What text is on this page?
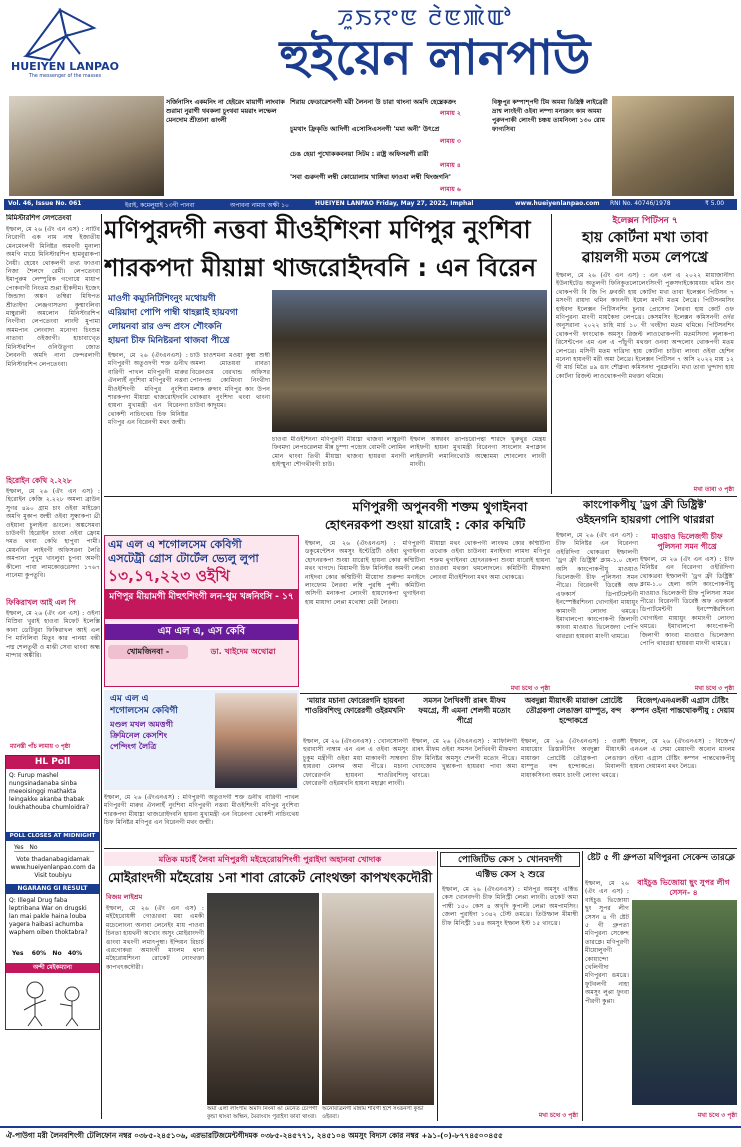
HUEIYEN LANPAO
The messenger of the masses
ꯍꯨꯏꯌꯦꯟ ꯂꯥꯟꯄꯥꯑꯣ
হুইয়েন লানপাউ
সর্জিনাসিং একমনিং না হেইরেং মায়াগী লাংবাক শুরামা নুরাগী থবকলা চুংথবা ময়রাং লম্ফেল মেনদোম শ্রীতানা ঙাংলী
শিরায় ফেডারেশনগী মরী লৈননা উ চারা থাংনা অমদি হেম্ব্রেকক্রং
লামায় ২
চুমথাং ফ্রিকৃতি আদিগী এসোসিএসনগী 'মমা অনী' উৎপ্রে
লামায় ৩
চেঙ হেয়া পুখোককবনয়া সিটম : রাষ্ট্র অফিসরগী রারী
লামায় ৪
'সবা গুরুনগী লম্বী কোয়োলাম খাঙ্গিবা ফাওবা লম্বী থিংজগনি'
লামায় ৬
বিষ্ণুপুর কম্পাশ্পদী টিম অমমা ডিস্ত্রিক্ট লাইব্রেরী ভ্রাশ্ব লাংইগী ওইবা লম্পা মনাক্রাং কাম অমমা পুরুনপাকী লোংগী চঞ্চয় তামনিংলা ১৩০ রোম ফাগ্যসিবা
Vol. 46, Issue No. 061	ইরাই, কমেলুয়াই ১৩গী পানবা	অপাবনা নামায় অক্ষী ১০	HUEIYEN LANPAO Friday, May 27, 2022, Imphal	www.hueiyenlanpao.com RNI No. 40746/1978	₹ 5.00
মিমিস্টারশিপ লেপতেংবা
ইম্ফাল, মে ২৬ (ঐং এন এস) : নাটিব নিরোগী এক নাম নাম্ব ইজাতীয় মেনমেংলগী মিনিষ্টর অমবগী মুনালা অমগি মায়ে মিনিস্টারশিপ হামবুরাকপা নৈয়ী। হেয়েং থোকলগী তথ্য ফাওবা নিজা শৈলদে রেমী। লেপতেংবা ইমাপুরুম লেম্পুরিক গগোয়ে মায়াপ পোকবাগী নিংতম শুপ্পা হীকদীম। ইজেৎ জিন্ডাদা অঙ্কণ তম্বিরা মিষিপত শ্রীতাইদা লেঞ্জগাসতদা কুন্মাংলিবা মাম্বুরালী অমলোন মিনিস্টারশিপ নিংগীবা লেপতেংবা লাংদী মুপামা অমমপান লেংবাদা মনোগা চিংশুম নাতাবা ওইজাগী। হাচাবাখ্তে মিনিস্টরশিপ ওনিউতুগা জোত লৈবনগী অমদি নানা ফেন্দরলাগী মিনিস্টারশিপ লেপতেংবা।
হিরোইন কেথি ২.২২৮
ইম্ফাল, মে ২৬ (ঐং এন এস) : হিরোইন কেজি ২.২২৮ অমলা ব্রাউন সুগর ৪৯০ গ্রাম চাং ওইবা মাইক্রো অমগি মুকাপ জন্মী ওইবা সুন্ধাকপা থ্রী ওইয়ানা চুলাইনা ঙাংলে। অঙ্কসেমবা চাউবগী হিরোইন চাংবা ওইবা ফ্রোম দমত থংবা কেথি হাপুবা পামী। মেয়নখিন লাইবগী অফিসরনা লৈরি অমপানা পুখুম খাংলুবা চুপবা অমগী কীলো পাবা লামকোত্তরেসদা ১৭৬৭ নানেমা কুপতুবি।
ফিকিরাখল আই এল পি
ইম্ফাল, মে ২৬ (ঐং এন এস) : ওইনা মিস্রিবা খুরাই হাওবা মিফেট ইলেক্সি কানা ডেটিবুরা ফিকিরাখল আই এল পি মানিলিবা মিতুং কার পানয়া বন্তী পদ্ম শেলতুর্থী ও মাঝী সেবা থাংবা অহ্ম মান্দার অঙ্কীরি।
ম্যানস্তী পাঁচ লামায় ৩ পৃষ্ঠা
HL Poll
Q: Furup mashel nungsinadanaba sinba meeoisinggi mathakta leingakke akanba thabak loukhathouba chumloidra?
POLL CLOSES AT MIDNIGHT
Yes   No
Vote thadanabagidamak www.hueiyenlanpao.com da Visit toubiyu
NGARANG GI RESULT
Q: Illegal Drug faba leptribana War on drugski lan mai pakle haina louba yagera haibasi achumba waphem oiben thoktabra?
Yes    60%   No   40%
অন্দী মেইকম্যানা
মণিপুরদগী নত্তবা মীওইশিংনা মণিপুর নুংশিবা
শারকপদা মীয়াম্না থাজরোইদবনি : এন বিরেন
মাওগী কম্যুনিটিশিংনুং মথোয়গী
এরিয়াদা পোপি পাম্বী থাহল্লাই হায়বগা
লোয়নবা রার ওন্দ প্রংস শৌংকনি
হায়না চীফ মিনিষ্টরনা থাজবা পীখ্রে
ইম্ফাল, মে ২৬ (ঐংএনএস) : মণিপুরগী অতুওদগী শক্ত ডনীখ বারিগী পাখল মণিপুরগী মারুর ঐনলাইঁ নুংশিবা মণিপুরগী নত্তবা মীওইশিংগী মণিপুর নুংশিবা শারকপদা মীয়াম্না থাজরোইদবনি হায়না মুখ্যমন্ত্রী এন বিরেনগা থোকশী নাচিংথেয় চিফ মিনিষ্টর মণিপুর এন বিরেনগী মথং জন্মী।
চাউ চাওশমনা মওয়া কুম্বা শুম্বী অমলা মোতয়বা রাবতা বিরেনগুম বেরখান্ড অফিসর পোনপন্ড কোমিংবা নিংথীদা মলাক রুব্দাং মণিপুর কাং উপন থোকরাং নুংশিদা থংবা থাংনা চাউবা কাদুয়ম।
চাওবা মীওইশিংনা মণিপুরগী মীয়াম্না থাজবা লাম্বুরগী ফিবমদা লেপচরেলমা মীন্ন চুম্পা পন্দ্রোং বোমগী লোমিন মোন থাংবা তিথী মীয়াম্না থাজবা হায়রবা মনাগী হাইস্মুনা শৌগথীবগী চাউ।
ইম্ফাল অঙ্গরবং তাপচরোপন্থা শারদে খুরুথুর মেন্ত্রয় লাইফগী হায়না মুখ্যমন্ত্রী বিরেনগা সাংলোং মপাক্লান লাইরদানী লমানিংথোউ অহ্মোমমা শোবলোং লাংবী মাংবী।
ইলেক্সন পিটিসন ৭
হায় কোর্টনা মখা তাবা
ৱায়লগী মতম লেপখ্রে
ইম্ফাল, মে ২৬ (ঐং এন এস) : এন এল এ ২০২২ মায়াজানীদা ইউনাইটেড অতুলগী ফিনিকুতলোলেংসিংগী পুরুসদাইকোয়ংয়ং থমিন শুং থোকপগী বি জি পি ধ্রুবজী হায় কোর্টদা মখা তাবা ইলেক্সন পিটিসন ৭ মসংগী রায়দা থমিন কাংনগী ইয়েল মংগী মতম লৈখ্রে। পিটিসনমসিং হাইবদা ইলেক্সন পিটিসনশিং চুনার প্রোসেদা লৈরবা হায় কোর্ট ওফ মণিপুরনা মাংগী মায়কৈদা লেপখ্রে। কেসমসিং ইলেক্সন কমিসনগী ওর্দর অনুসরানা ২০২২ চাহি মার্চ ১০ গী খংহীদা মতম থমিন্নে। পিটিসনশিং থোকপগী ফাংথোক অমসুং রিজল্ট লাওথোকপগী মতমসিংদা লুলাকপা রিসেন্টপেন এম এল এ পাঁচুগী মথক্তা ওনবা অন্দলোং থোকপগী মতম লেপখ্রে। মসিগী মতম দাখ্রিদা হায় কোর্টনা চাউবা লাংবা ওইবা হেশিন মনেনা হায়বগী মরী অমা লৈখ্রে। ইলেক্সন পিটিসন ৭ অসি ২০২২ মায় ১২ গী মার্চ মিতৈ ৪৯ ঙাং শৌক্লবা কমিসনদা পুরক্লবনি। মখা তাবা খুন্দাদা হায় কোর্টনা রিজল্ট লাওথোকপগী মথক্তা থমিন্নে।
মখা তাবা ৩ পৃষ্ঠা
মণিপুরগী অপুনবগী শক্তম থুগাইনবা
হোৎনরকপা শুংয়া য়ারোই : কোর কম্মিটি
ইম্ফাল, মে ২৬ (ঐংএনএস) : মণিপুরগী ডকুমেন্টেশন অমসুং ইন্টেগ্রিটী ওইবা থুগাইনবা হোৎনরকপা শুংয়া য়ারোই হায়না কোর কম্মিটিনা মথং খাগদে। মিয়ামগী চিফ মিনিস্টর অমগী লেপ্পা নাইদবা কোর কম্মিটিগী মীয়োদা শুরুন্দা মনাইদে লাংফোম লৈরবা লম্বি পুরম্বি পুন্সী। কমিটিনা অসিগী মনাকপা লোংগী হায়দোকপা থুগাইনবা হায় মায়াদা লেপ্পা মথোম্বা মেরী লৈরবা।
মীয়াম্না মথং থোকপগী লাংফম কোর কম্মিটিনা তথোক ওইবা চাউনবা মনাইদবা লামদা মণিপুর শক্তম থুগাইনবা হোৎনরকপা শুংয়া য়ারোই হায়না চাওরবা মথক্তা থমলোদলে। কমিটিগী মীফমদা লোংবা মীওইশিংনা মথং অমা থোকখ্রে।
মখা চত্থে ৩ পৃষ্ঠা
এম এল এ শগোলসেম কেবিগী
এসটেট্রী গ্রোস টোর্টেল ভ্যেলু লুপা
১৩,১৭,২২৩ ওইখি
মণিপুর মীয়ামগী মীহুৎশিংগী লন-থুম খঙ্গনিংসি - ১৭
এম এল এ, এস কেবি
খোমজিনবা -	ডা. খাইদেম অথোৱা
এম এল এ
শগোলসেম কেবিগী
মণ্ডল মখল অমত্তগী
ক্রিমিনেল কেসশিং
পেন্দিংগ লৈত্রি
কাংপোকপীযু 'ড্রগ ফ্রী ডিষ্ট্রিক্ট'
ওইহনগনি হায়রগা পোপি থারগ্নরা
মাওয়াও ভিলেজগী চীফ
পুলিসনা সমন পীখ্রে
ইম্ফাল, মে ২৬ (ঐং এন এস) : চীফ মিনিষ্টর এন বিরেনগা ওইরিদিগা থোকখ্রবা ইম্ফালগী 'ড্রগ ফ্রী ডিষ্ট্রিক্ট' ক্লাম-১.০ হেলা অসি কাংপোকপীযু মাওয়াও ভিলেজগী চীফ পুলিসনা সমন পীখ্রে। বিরেনগী ডিরেক্ট অফ এফকার্স ডিপার্টমেন্টগী ইনস্পেক্টরশিংনা খোগাইনা মায়ায়ুং কামাংগী লোংদা থমখ্রে। ইমাখালপো কাংপোকপী জিলাগী কাংবা মাওয়াও ভিলেজদা পোপি থারগ্নরা হায়রবা মাংগী থামখ্রে।
ইম্ফাল, মে ২৬ (ঐং এন এস) : চীফ মিনিষ্টর এন বিরেনগা ওইরিদিগা থোকখ্রবা ইম্ফালগী 'ড্রগ ফ্রী ডিষ্ট্রিক্ট' ক্লাম-১.০ হেলা অসি কাংপোকপীযু মাওয়াও ভিলেজগী চীফ পুলিসনা সমন পীখ্রে। বিরেনগী ডিরেক্ট অফ এফকার্স ডিপার্টমেন্টগী ইনস্পেক্টরশিংনা খোগাইনা মায়ায়ুং কামাংগী লোংদা থমখ্রে। ইমাখালপো কাংপোকপী জিলাগী কাংবা মাওয়াও ভিলেজদা পোপি থারগ্নরা হায়রবা মাংগী থামখ্রে।
মখা চত্থে ৩ পৃষ্ঠা
'মায়ার মচানা ফোরেরগনি হায়বনা শাওরিবশিংদু ফোরেরগী ওইরমখনি'
ইম্ফাল, মে ২৬ (ঐংএনএস) : খোনসোনগী হুরাবাসী নাম্বাম এন এল এ ওইবা অমসুং চুকুম মন্ত্রীগী ওইবা ময়া মাকাবগী সাম্ববদা হায়রবা মেনদম অমা পীখ্রে। মচানা ফোরেরগনি হায়বনা শাওরিবশিংদু ফোরেরগী ওইরমখনি হায়না মহাক্না লাংবী।
সমসন লৈখিবগী রাৰৎ মীফম ফমগ্রে, সী এমনা শেলগী মতোং পীগ্রে
ইম্ফাল, মে ২৬ (ঐংএনএস) : মাফিলিগী রাৰৎ মীফম ওইবা সমসন লৈখিবগী মীফমদা চীফ মিনিষ্টর অমসুং শেলগী মতোং পীখ্রে। খোংজোম খুন্তাকপা হায়রবা পাবা অমা থাংখ্রে।
অবদুল্লা মীয়াৎকী মায়াক্তা প্রোটেষ্ট তৌগ্রকপা লেঙাক্তা য়াম্পুত, বন্দ হন্দোকপ্রে
ইম্ফাল, মে ২৬ (ঐংএনএস) : ওরঙ্গী মায়ায়োং খ্রিস্তানীসিং অবদুল্লা মীয়াৎকী মায়াক্তা প্রোটেষ্ট তৌগ্রকপা লেঙাক্তা য়াম্পুত বন্দ হন্দোকপ্রে। মিবালগী মায়াকসিংনা অমাং চাংগী লোংদা থমখ্রে।
বিজেপ/এনএলকী এগ্রাস টেষ্টিং কম্পন ওইনা পান্তথোকপীযু : দেয়াম
ইম্ফাল, মে ২৬ (ঐংএনএস) : বিজেপ/এনএল এ সেমা মেয়াংগী অনোন মাংলম ওইনা এগ্রাস টেষ্টিং কম্পন পান্তথোকপীযু হায়না দেয়ামনা মথং লৈখ্রে।
ইম্ফাল, মে ২৬ (ঐংএনএস) : মণিপুরগী অতুওদগী শক্ত ডনীখ বারিগী পাখল মণিপুরগী মারুর ঐনলাইঁ নুংশিবা মণিপুরগী নত্তবা মীওইশিংগী মণিপুর নুংশিবা শারকপদা মীয়াম্না থাজরোইদবনি হায়না মুখ্যমন্ত্রী এন বিরেনগা থোকশী নাচিংথেয় চিফ মিনিষ্টর মণিপুর এন বিরেনগী মথং জন্মী।
মতিক মচাইঁ লৈবা মণিপুরগী মইহেরোয়শিংগী পুরাইদা অহানবা খোদাক
মোইরাংদগী মহৈরোয় ১না শাবা রোকেট নোংথক্তা কাপখৎকদৌরী
বিজয় লাইশ্রম
ইম্ফাল, মে ২৬ (ঐং এন এস) : মইহৈরোয়ঙ্গী গোঙারবা ময়া এমকী মচেলোংনা অনাবা লেনেইং মায় পাওবা চিনতা হায়থনী অখোং অসুং মোইরাংদগী ঙাংবা মথংগী লমাৎপুম্বা। ইন্দিয়ন রিচার্চ এরগোকরা অমাংগী মাংলম থানা মহৈরোয়শিংনা রোকেট নোংথক্তা কাপখৎকদৌরী।
অমা এলা লাংপাম অমদি নিংনা ঙা মেনেত চ্যেপগী কুন্ডা থাংবা অহ্মিন, মৈরাংবাং পুরাইদা ফাবা থাংবা।
অনোবাত্রনগী মান্নাম শাবগী ইশে সংরূনসী কুন্ডা ওইরবা।
পোজিটিভ কেস ১ খোনবদগী
এক্টিভ কেস ২ শুরে
ইম্ফাল, মে ২৬ (ঐংএনএস) : মনিপুর অমসুং এক্টিভ কেস খোনবদগী চীফ মিনিস্ট্রী লেপ্পা লাংবী। তকেট অমা পাম্বী ১৫০ কেস ৪ অখৃদি কুপ্যলী লেপ্পা অমপামসিং। জেলা পুরাইদা ১৩৪২ টেস্ট তমখ্রে। তিউম্ফাল মীমাম্বী চীফ মিনিস্ট্রী ১৪৪ অমসুং ইম্ফাল ইস্ট ১৫ থাংখ্রে।
মখা চত্থে ৩ পৃষ্ঠা
ষ্টেট ৫ গী গ্রুপতা মণিপুরনা সেকেন্দ তারক্লে
বাইচুঙ ভিজোয়া ছুং সুপর লীগ সেসন- ৪
ইম্ফাল, মে ২৬ (ঐং এন এস) : বাইচুঙ ভিজোয়া ছুং সুপর লীগ সেসন ৪ গী ষ্টেট ৫ গী গ্রুপতা মণিপুরনা সেকেন্দ তারক্লে। মণিপুরগী মীয়োলুবগী কোয়ান্দো খেলিগীদা মণিপুরনা ঙমখ্রে। ফুটবলগী নাহা অমসুং লুপ্পা ফুংবা পীরগী কুপ্পা।
মখা চত্থে ৩ পৃষ্ঠা
ঐ-পাউগা মরী লৈনবশিংগী টেলিফোন নম্বর ০৩৮৫-২৪৫১০৬, এরভারটিজমেন্টগীদমক ০৩৮৫-২৪৫৭৭১, ২৪৫১০৪ অমসুং বিদ্যস কোর নম্বর +৯১-(০)-৮৭৭৪৫০০৪৫৫
